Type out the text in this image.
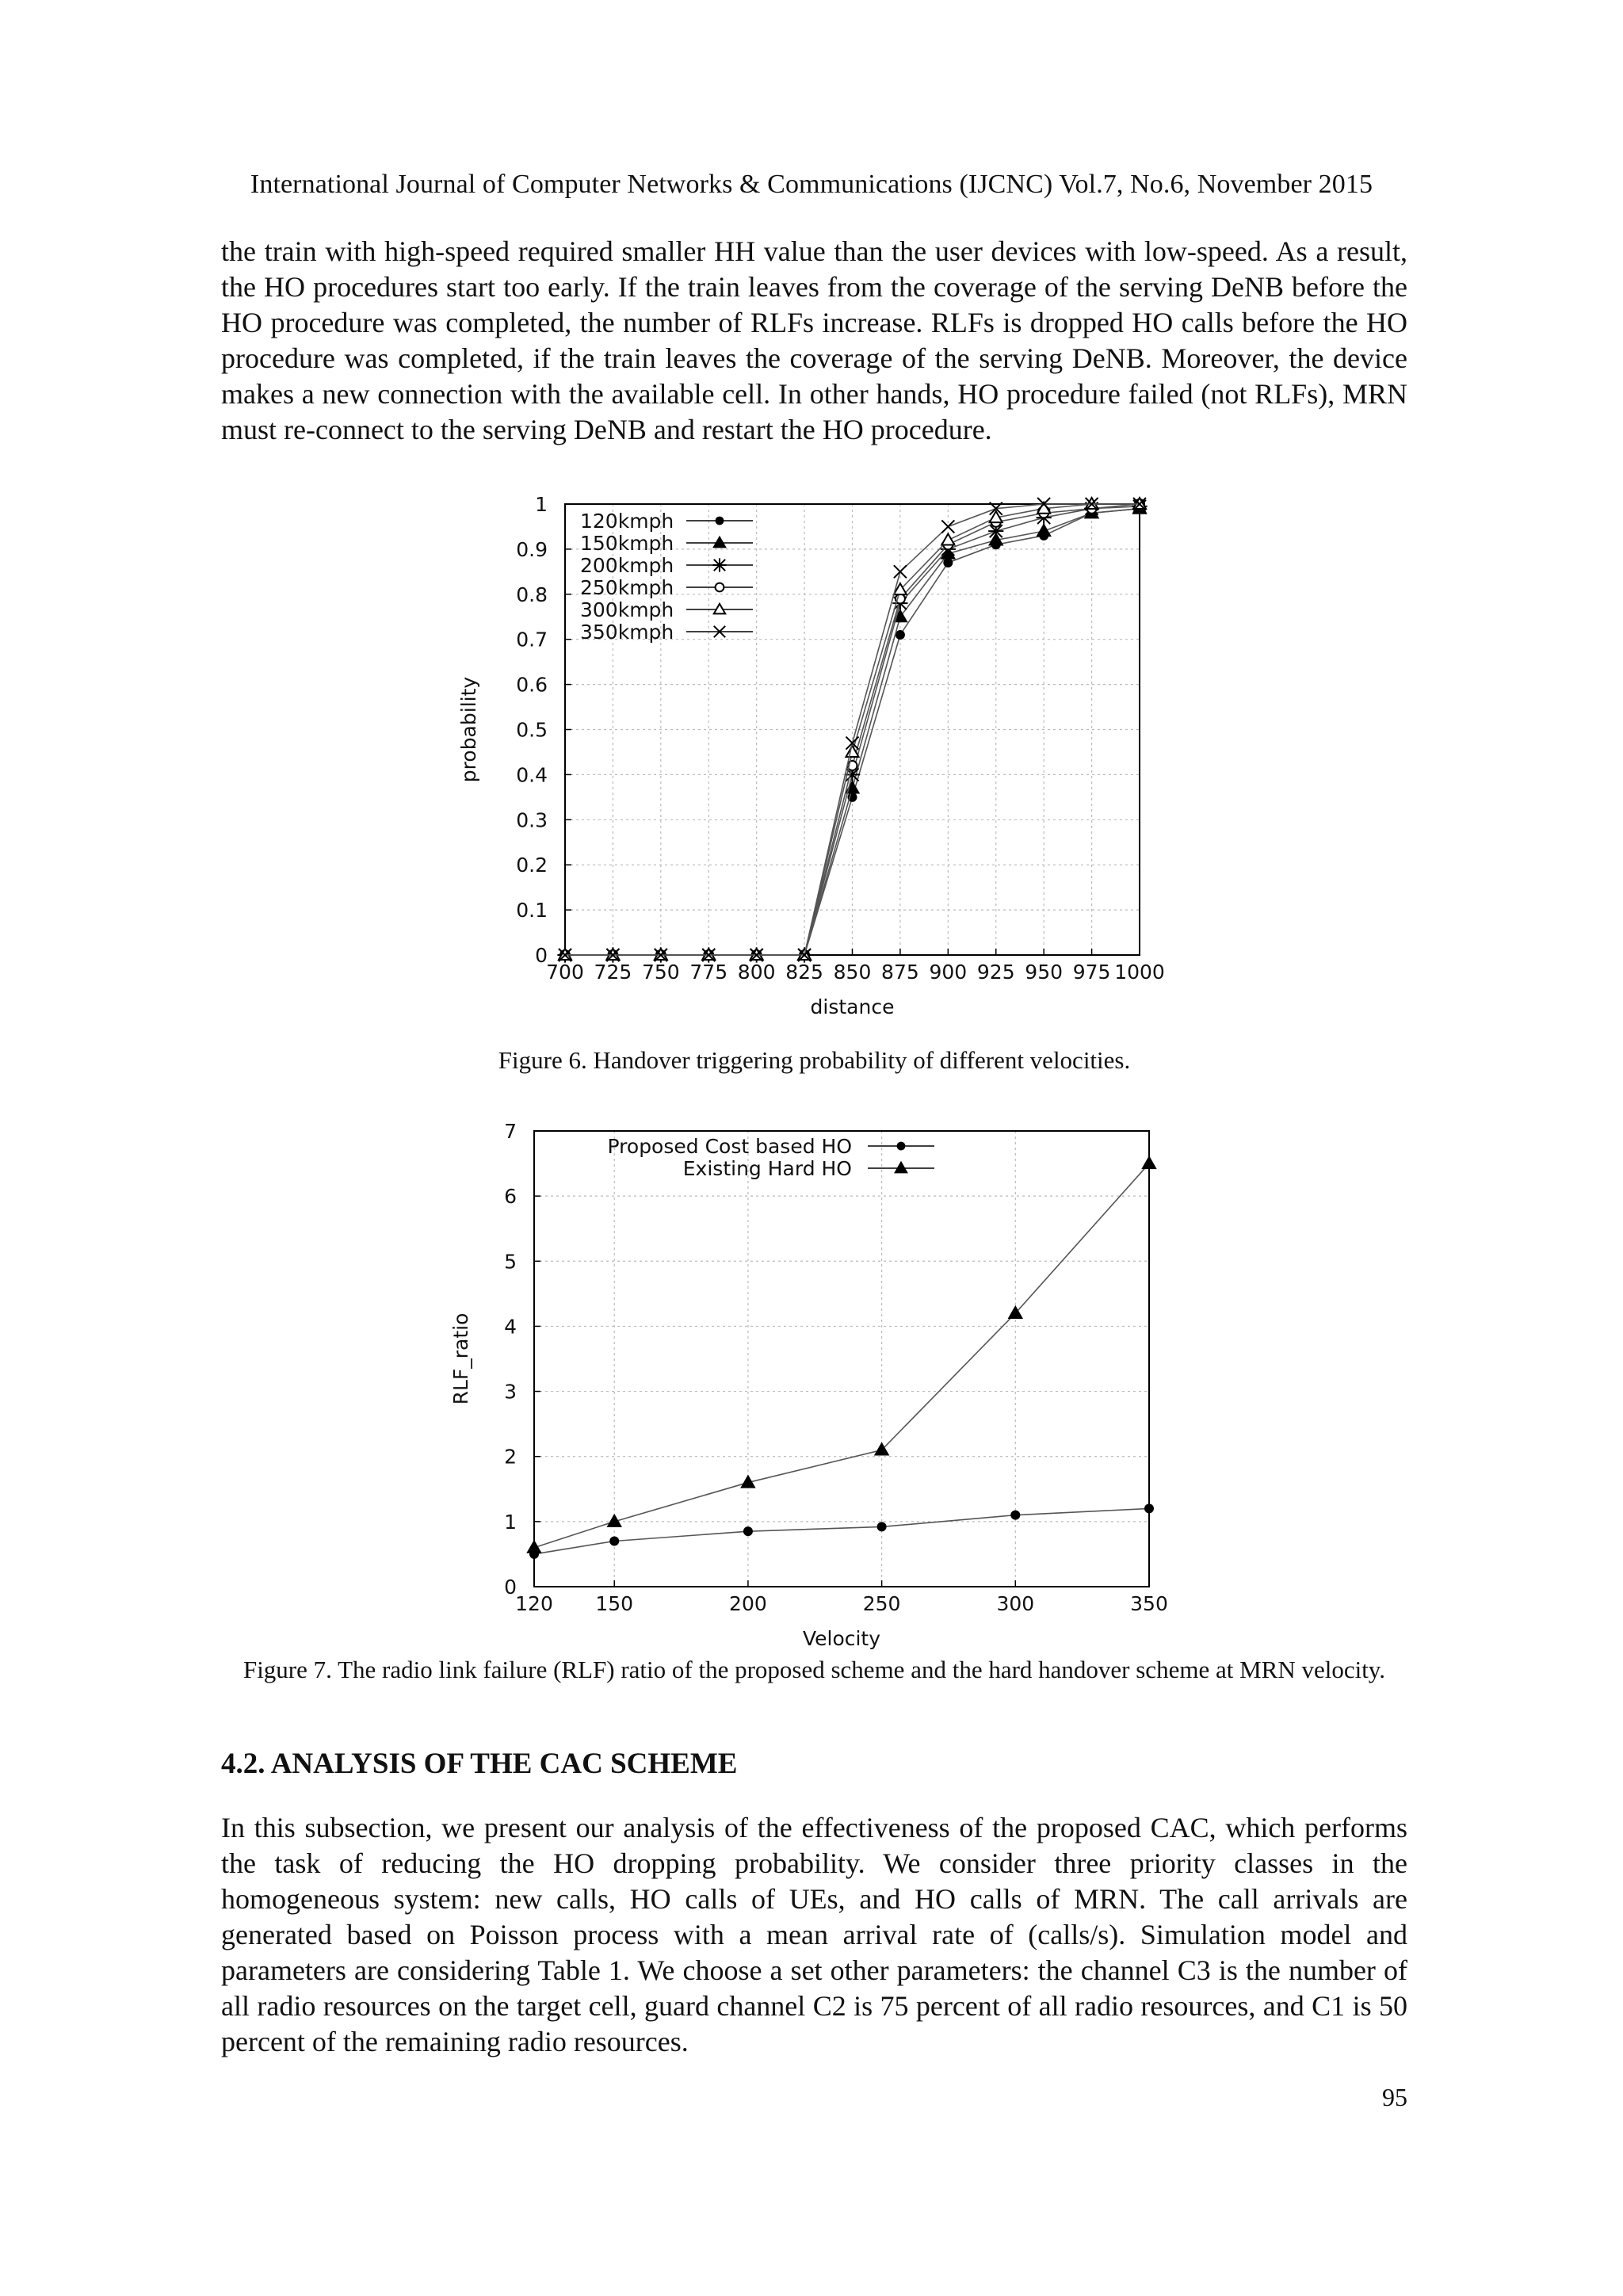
International Journal of Computer Networks & Communications (IJCNC) Vol.7, No.6, November 2015
the train with high-speed required smaller HH value than the user devices with low-speed. As a result, the HO procedures start too early. If the train leaves from the coverage of the serving DeNB before the HO procedure was completed, the number of RLFs increase. RLFs is dropped HO calls before the HO procedure was completed, if the train leaves the coverage of the serving DeNB. Moreover, the device makes a new connection with the available cell. In other hands, HO procedure failed (not RLFs), MRN must re-connect to the serving DeNB and restart the HO procedure.
700 725 750 775 800 825 850 875 900 925 950 975 1000
0
0.1
0.2
0.3
0.4
0.5
0.6
0.7
0.8
0.9
1
distance
probability
120kmph
150kmph
200kmph
250kmph
300kmph
350kmph
120 150	200	250	300	350
0
1
2
3
4
5
6
7
Velocity
RLF_ratio
Proposed Cost based HO
Existing Hard HO
Figure 6. Handover triggering probability of different velocities.
Figure 7. The radio link failure (RLF) ratio of the proposed scheme and the hard handover scheme at MRN velocity.
4.2. ANALYSIS OF THE CAC SCHEME
In this subsection, we present our analysis of the effectiveness of the proposed CAC, which performs the task of reducing the HO dropping probability. We consider three priority classes in the homogeneous system: new calls, HO calls of UEs, and HO calls of MRN. The call arrivals are generated based on Poisson process with a mean arrival rate of (calls/s). Simulation model and parameters are considering Table 1. We choose a set other parameters: the channel C3 is the number of all radio resources on the target cell, guard channel C2 is 75 percent of all radio resources, and C1 is 50 percent of the remaining radio resources.
95
